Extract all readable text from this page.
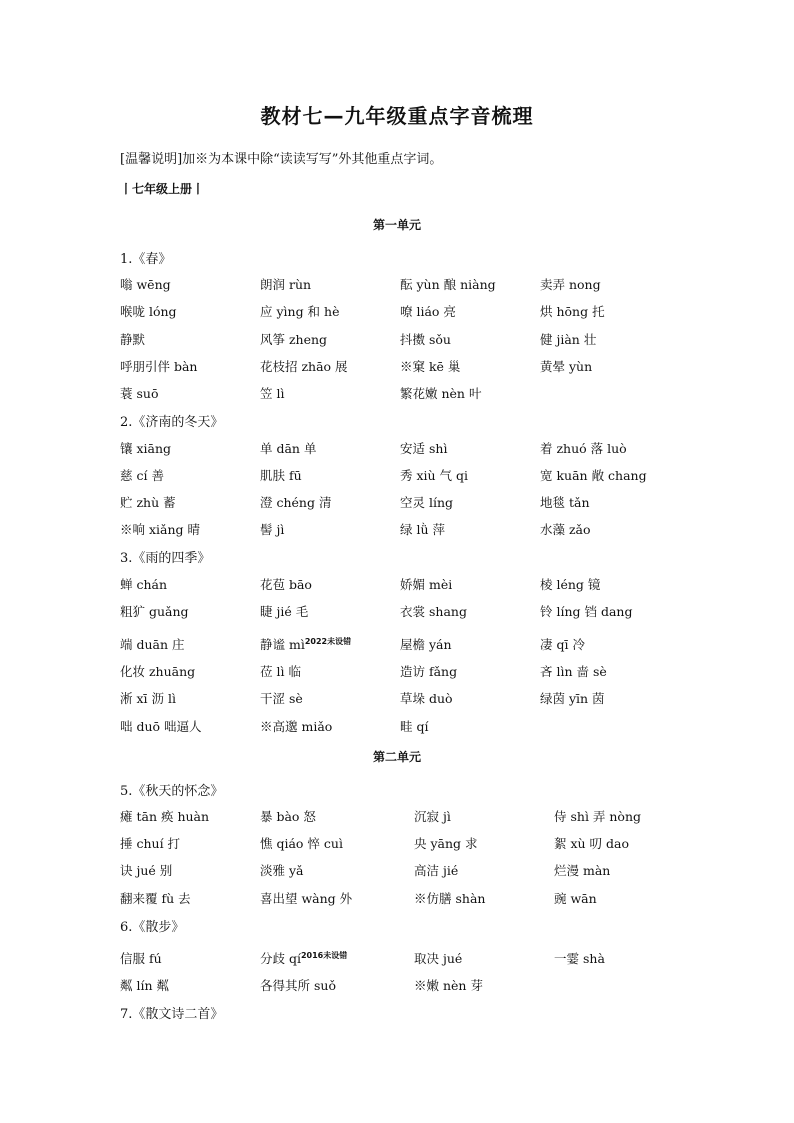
教材七—九年级重点字音梳理
[温馨说明]加※为本课中除“读读写写”外其他重点字词。
丨七年级上册丨
第一单元
1.《春》
嗡 wēng	朗润 rùn	酝 yùn 酿 niàng	卖弄 nong
喉咙 lóng	应 yìng 和 hè	嘹 liáo 亮	烘 hōng 托
静默	风筝 zheng	抖擞 sǒu	健 jiàn 壮
呼朋引伴 bàn	花枝招 zhāo 展	※窠 kē 巢	黄晕 yùn
蓑 suō	笠 lì	繁花嫩 nèn 叶
2.《济南的冬天》
镶 xiāng	单 dān 单	安适 shì	着 zhuó 落 luò
慈 cí 善	肌肤 fū	秀 xiù 气 qi	宽 kuān 敞 chang
贮 zhù 蓄	澄 chéng 清	空灵 líng	地毯 tǎn
※响 xiǎng 晴	髻 jì	绿 lǜ 萍	水藻 zǎo
3.《雨的四季》
蝉 chán	花苞 bāo	娇媚 mèi	棱 léng 镜
粗犷 guǎng	睫 jié 毛	衣裳 shang	铃 líng 铛 dang
端 duān 庄	静谧 $mì^{2022未设错}$	屋檐 yán	凄 qī 冷
化妆 zhuāng	莅 lì 临	造访 fǎng	吝 lìn 啬 sè
淅 xī 沥 lì	干涩 sè	草垛 duò	绿茵 yīn 茵
咄 duō 咄逼人	※高邈 miǎo	畦 qí
第二单元
5.《秋天的怀念》
瘫 tān 痪 huàn	暴 bào 怒	沉寂 jì	侍 shì 弄 nòng
捶 chuí 打	憔 qiáo 悴 cuì	央 yāng 求	絮 xù 叨 dao
诀 jué 别	淡雅 yǎ	高洁 jié	烂漫 màn
翻来覆 fù 去	喜出望 wàng 外	※仿膳 shàn	豌 wān
6.《散步》
信服 fú	分歧 $qí^{2016未设错}$	取决 jué	一霎 shà
粼 lín 粼	各得其所 suǒ	※嫩 nèn 芽
7.《散文诗二首》
